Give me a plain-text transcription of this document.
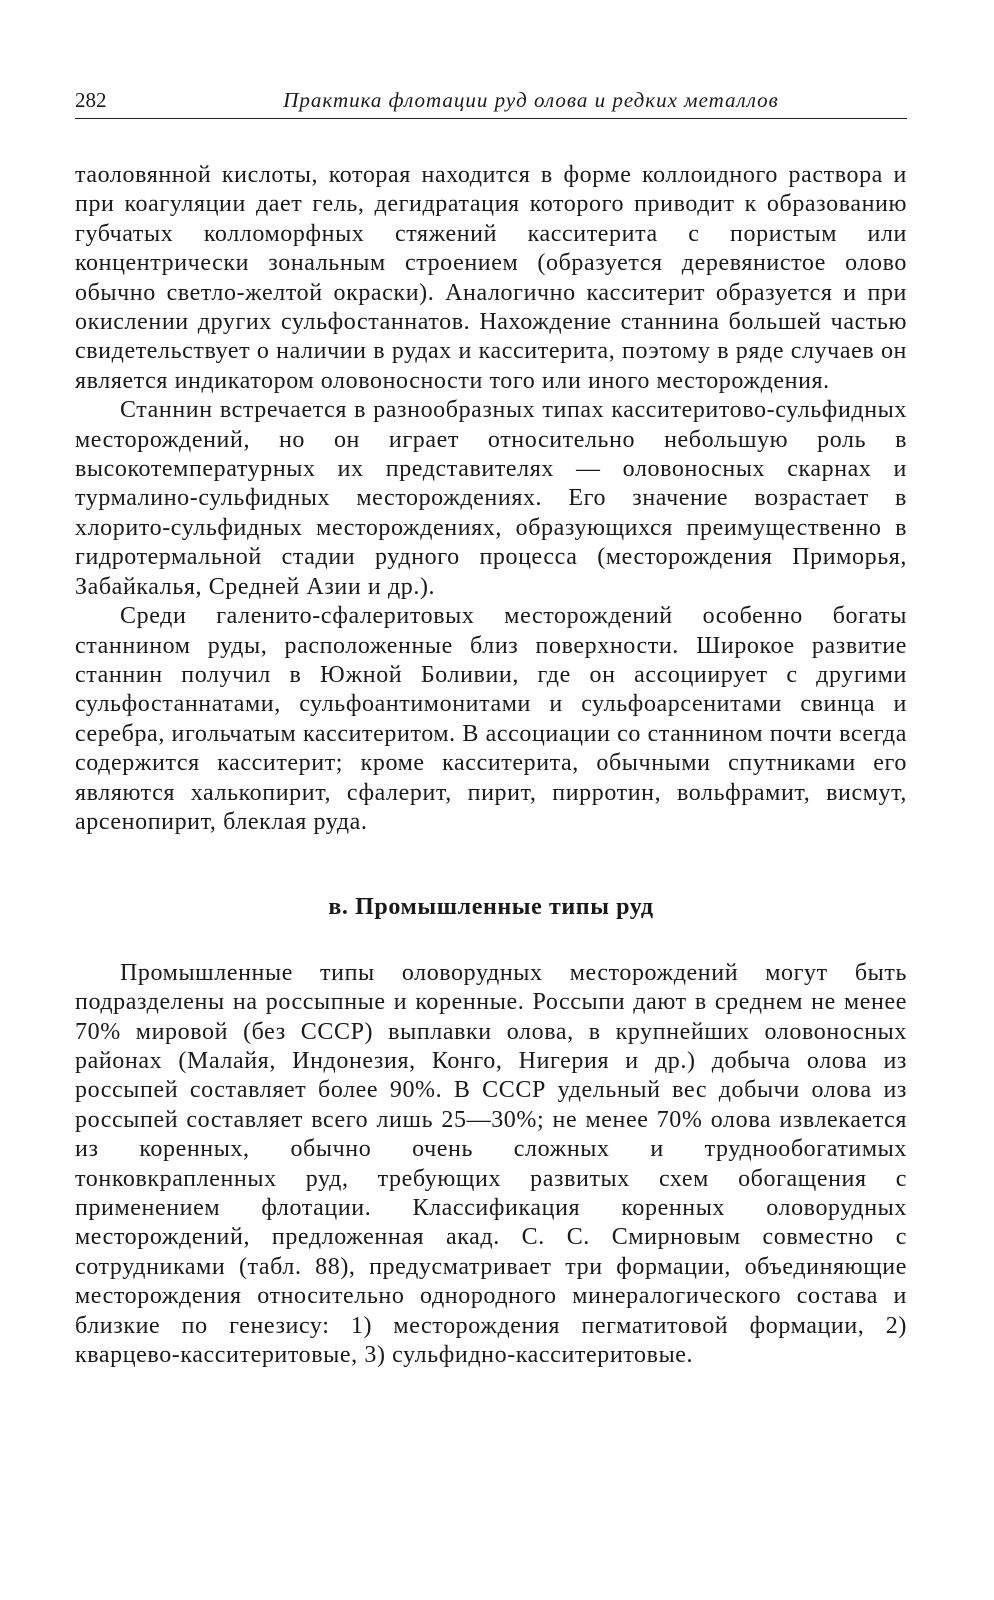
282	Практика флотации руд олова и редких металлов

таоловянной кислоты, которая находится в форме коллоидного раствора и при коагуляции дает гель, дегидратация которого приводит к образованию губчатых колломорфных стяжений касситерита с пористым или концентрически зональным строением (образуется деревянистое олово обычно светло-желтой окраски). Аналогично касситерит образуется и при окислении других сульфостаннатов. Нахождение станнина большей частью свидетельствует о наличии в рудах и касситерита, поэтому в ряде случаев он является индикатором оловоносности того или иного месторождения.

Станнин встречается в разнообразных типах касситеритово-сульфидных месторождений, но он играет относительно небольшую роль в высокотемпературных их представителях — оловоносных скарнах и турмалино-сульфидных месторождениях. Его значение возрастает в хлорито-сульфидных месторождениях, образующихся преимущественно в гидротермальной стадии рудного процесса (месторождения Приморья, Забайкалья, Средней Азии и др.).

Среди галенито-сфалеритовых месторождений особенно богаты станнином руды, расположенные близ поверхности. Широкое развитие станнин получил в Южной Боливии, где он ассоциирует с другими сульфостаннатами, сульфоантимонитами и сульфоарсенитами свинца и серебра, игольчатым касситеритом. В ассоциации со станнином почти всегда содержится касситерит; кроме касситерита, обычными спутниками его являются халькопирит, сфалерит, пирит, пирротин, вольфрамит, висмут, арсенопирит, блеклая руда.

в. Промышленные типы руд

Промышленные типы оловорудных месторождений могут быть подразделены на россыпные и коренные. Россыпи дают в среднем не менее 70% мировой (без СССР) выплавки олова, в крупнейших оловоносных районах (Малайя, Индонезия, Конго, Нигерия и др.) добыча олова из россыпей составляет более 90%. В СССР удельный вес добычи олова из россыпей составляет всего лишь 25—30%; не менее 70% олова извлекается из коренных, обычно очень сложных и труднообогатимых тонковкрапленных руд, требующих развитых схем обогащения с применением флотации. Классификация коренных оловорудных месторождений, предложенная акад. С. С. Смирновым совместно с сотрудниками (табл. 88), предусматривает три формации, объединяющие месторождения относительно однородного минералогического состава и близкие по генезису: 1) месторождения пегматитовой формации, 2) кварцево-касситеритовые, 3) сульфидно-касситеритовые.
